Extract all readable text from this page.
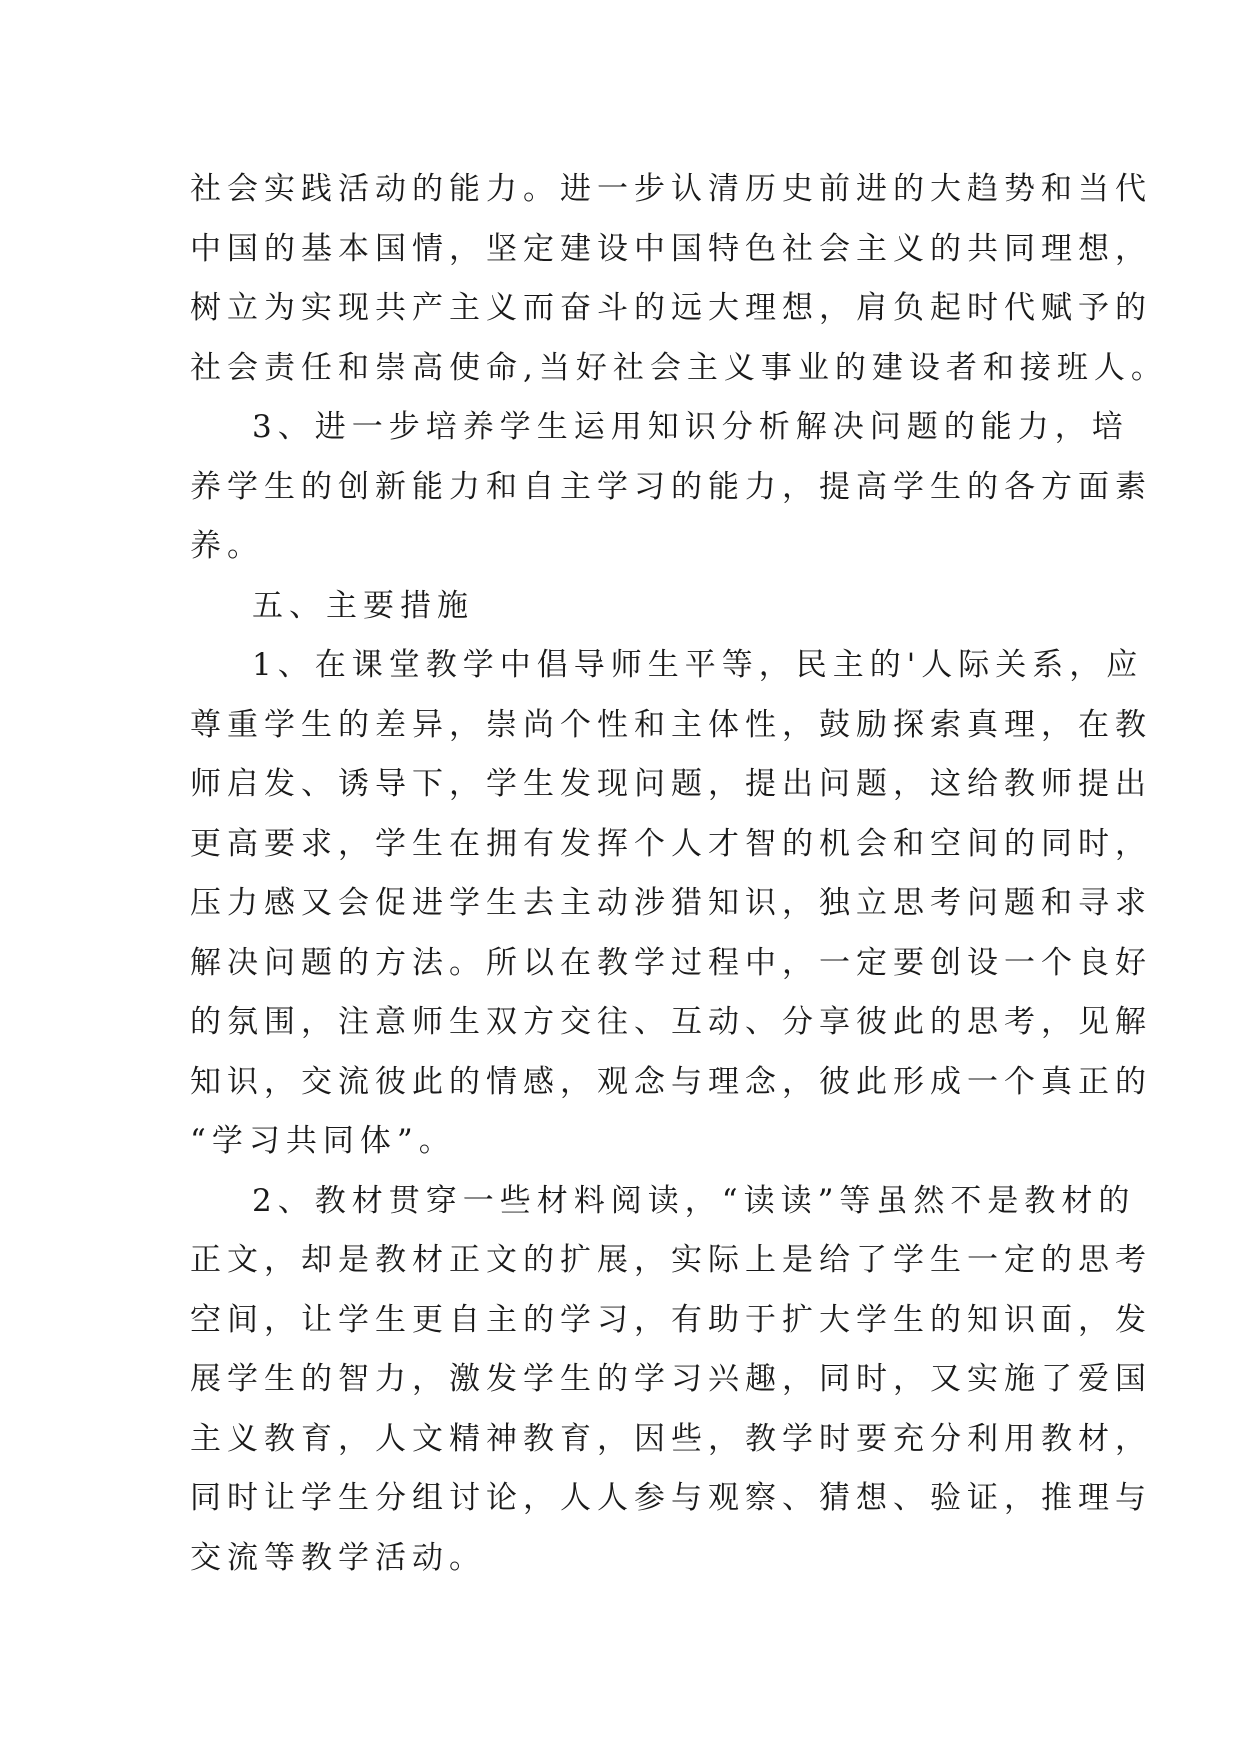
社会实践活动的能力。进一步认清历史前进的大趋势和当代
中国的基本国情，坚定建设中国特色社会主义的共同理想，
树立为实现共产主义而奋斗的远大理想，肩负起时代赋予的
社会责任和崇高使命,当好社会主义事业的建设者和接班人。
3、进一步培养学生运用知识分析解决问题的能力，培
养学生的创新能力和自主学习的能力，提高学生的各方面素
养。
五、主要措施
1、在课堂教学中倡导师生平等，民主的'人际关系，应
尊重学生的差异，崇尚个性和主体性，鼓励探索真理，在教
师启发、诱导下，学生发现问题，提出问题，这给教师提出
更高要求，学生在拥有发挥个人才智的机会和空间的同时，
压力感又会促进学生去主动涉猎知识，独立思考问题和寻求
解决问题的方法。所以在教学过程中，一定要创设一个良好
的氛围，注意师生双方交往、互动、分享彼此的思考，见解
知识，交流彼此的情感，观念与理念，彼此形成一个真正的
“学习共同体”。
2、教材贯穿一些材料阅读，“读读”等虽然不是教材的
正文，却是教材正文的扩展，实际上是给了学生一定的思考
空间，让学生更自主的学习，有助于扩大学生的知识面，发
展学生的智力，激发学生的学习兴趣，同时，又实施了爱国
主义教育，人文精神教育，因些，教学时要充分利用教材，
同时让学生分组讨论，人人参与观察、猜想、验证，推理与
交流等教学活动。
